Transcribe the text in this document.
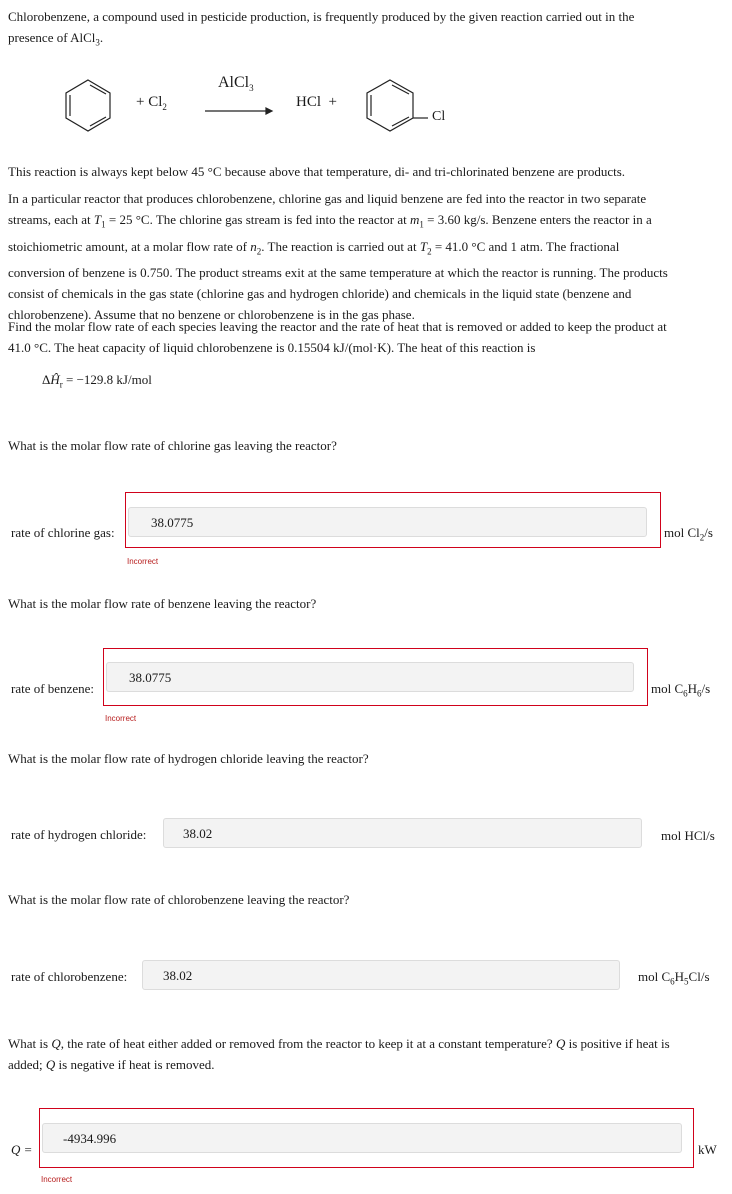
Chlorobenzene, a compound used in pesticide production, is frequently produced by the given reaction carried out in the
presence of AlCl$_3$.

+ $Cl_2$
AlCl$_3$
HCl  +
Cl

This reaction is always kept below 45 °C because above that temperature, di- and tri-chlorinated benzene are products.

In a particular reactor that produces chlorobenzene, chlorine gas and liquid benzene are fed into the reactor in two separate
streams, each at $T_1 = 25$ °C. The chlorine gas stream is fed into the reactor at $m_1 = 3.60$ kg/s. Benzene enters the reactor in a
stoichiometric amount, at a molar flow rate of $n_2$. The reaction is carried out at $T_2 = 41.0$ °C and 1 atm. The fractional
conversion of benzene is 0.750. The product streams exit at the same temperature at which the reactor is running. The products
consist of chemicals in the gas state (chlorine gas and hydrogen chloride) and chemicals in the liquid state (benzene and
chlorobenzene). Assume that no benzene or chlorobenzene is in the gas phase.

Find the molar flow rate of each species leaving the reactor and the rate of heat that is removed or added to keep the product at
41.0 °C. The heat capacity of liquid chlorobenzene is 0.15504 kJ/(mol·K). The heat of this reaction is

$\Delta Ĥ_r = -129.8$ kJ/mol
What is the molar flow rate of chlorine gas leaving the reactor?
rate of chlorine gas:
38.0775
Incorrect
mol $Cl_2/s$
What is the molar flow rate of benzene leaving the reactor?
rate of benzene:
38.0775
Incorrect
mol $C_6H_6/s$
What is the molar flow rate of hydrogen chloride leaving the reactor?
rate of hydrogen chloride:	38.02	mol HCl/s
What is the molar flow rate of chlorobenzene leaving the reactor?
rate of chlorobenzene:	38.02	mol $C_6H_5Cl/s$

What is Q, the rate of heat either added or removed from the reactor to keep it at a constant temperature? Q is positive if heat is
added; Q is negative if heat is removed.

Q =
-4934.996
Incorrect
kW
